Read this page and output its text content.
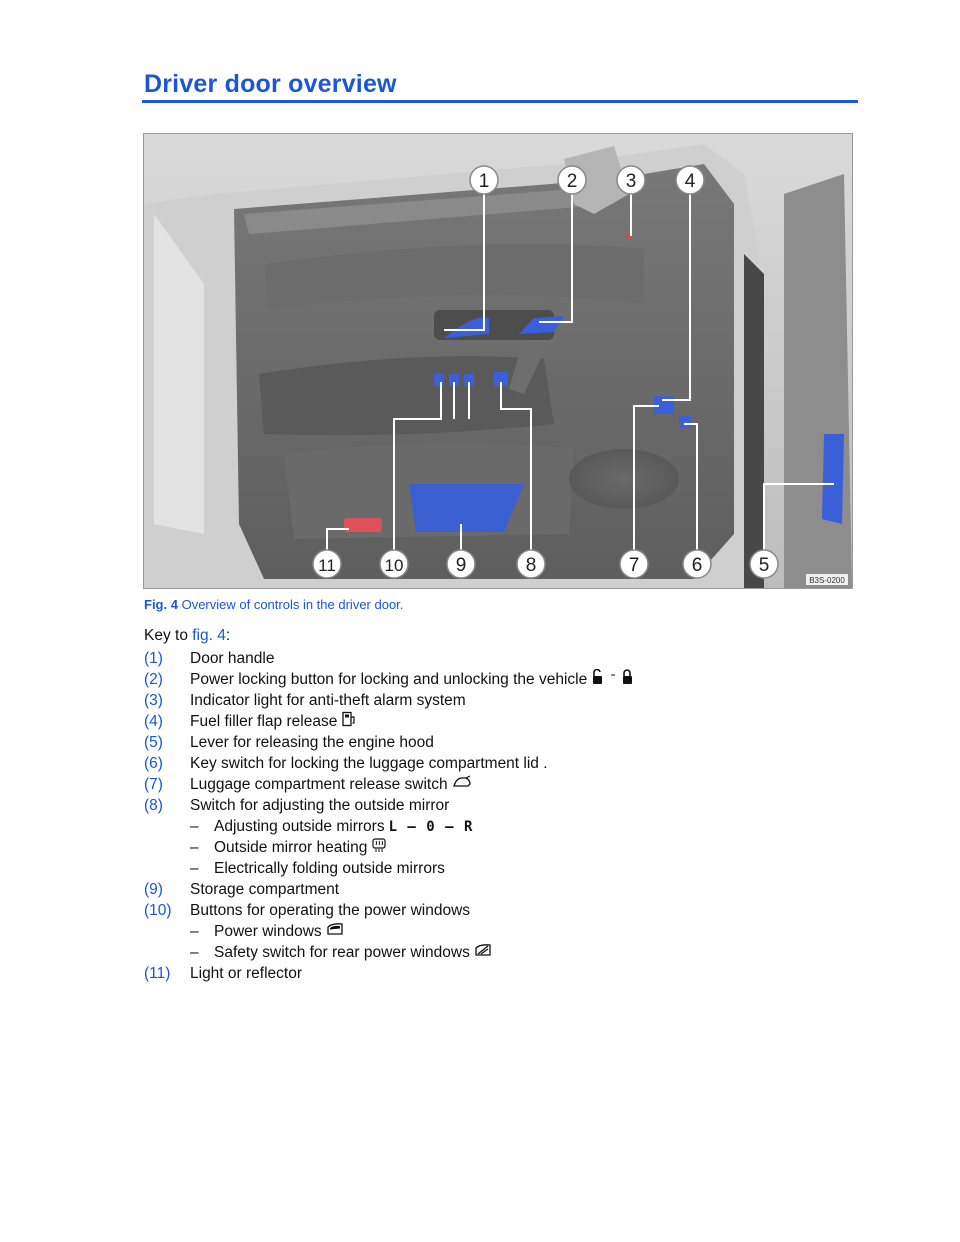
Driver door overview
1	2	3	4
5
6
7
8
9
10
11
B3S-0200
Fig. 4 Overview of controls in the driver door.
Key to fig. 4:
(1) Door handle
(2) Power locking button for locking and unlocking the vehicle
(3) Indicator light for anti-theft alarm system
(4) Fuel filler flap release
(5) Lever for releasing the engine hood
(6) Key switch for locking the luggage compartment lid .
(7) Luggage compartment release switch
(8) Switch for adjusting the outside mirror
– Adjusting outside mirrors L – 0 – R
– Outside mirror heating
– Electrically folding outside mirrors
(9) Storage compartment
(10) Buttons for operating the power windows
– Power windows
– Safety switch for rear power windows
(11) Light or reflector
